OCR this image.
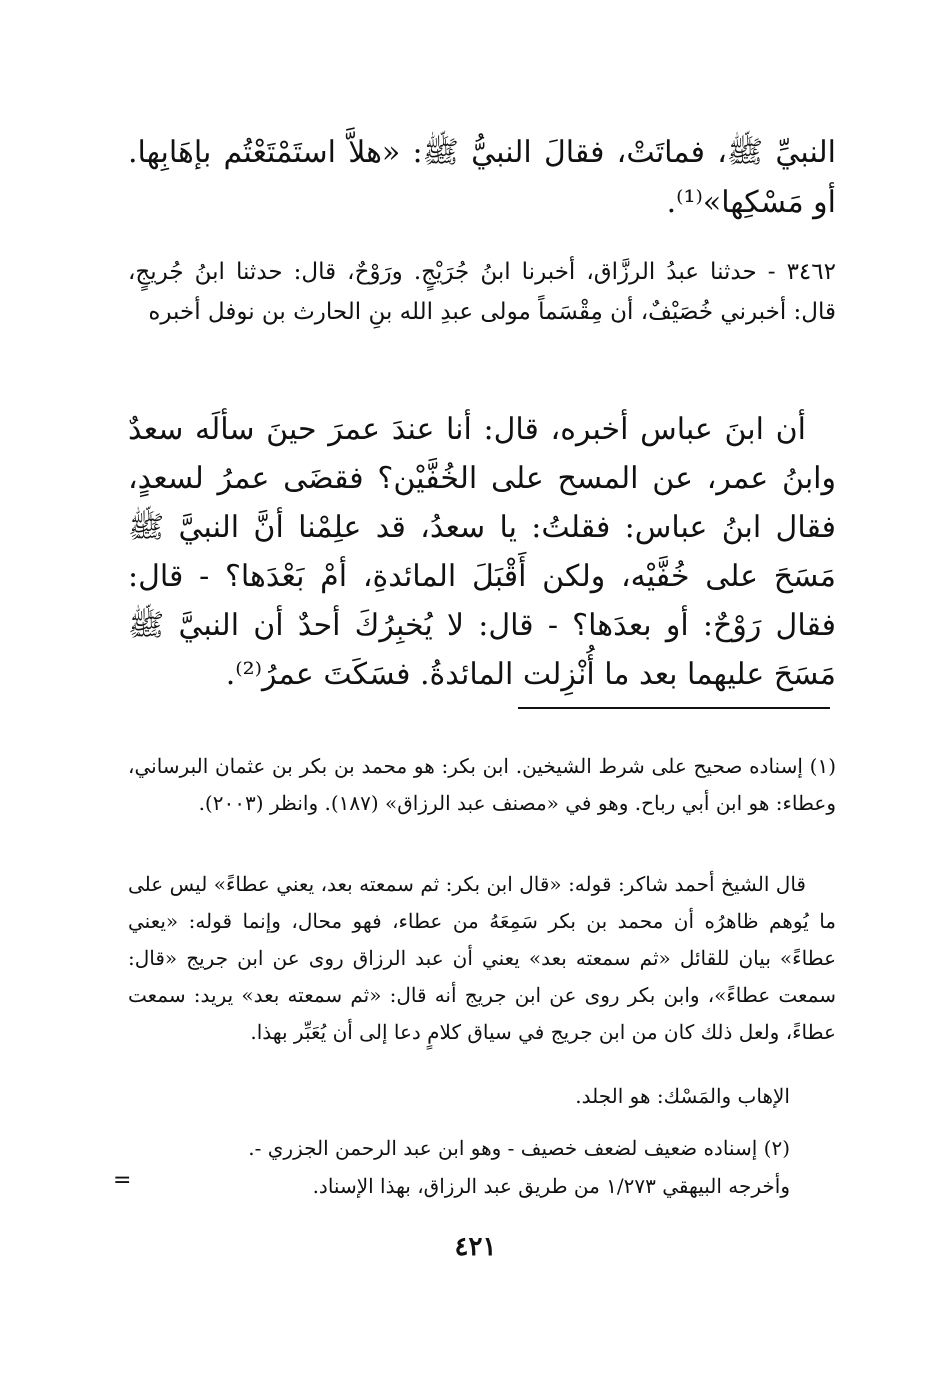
النبيِّ ﷺ، فماتَتْ، فقالَ النبيُّ ﷺ: «هلاَّ استَمْتَعْتُم بإهَابِها. أو مَسْكِها»⁽¹⁾.

٣٤٦٢ - حدثنا عبدُ الرزَّاق، أخبرنا ابنُ جُرَيْجٍ. ورَوْحٌ، قال: حدثنا ابنُ جُريجٍ، قال: أخبرني خُصَيْفٌ، أن مِقْسَماً مولى عبدِ الله بنِ الحارث بن نوفل أخبره

أن ابنَ عباس أخبره، قال: أنا عندَ عمرَ حينَ سألَه سعدٌ وابنُ عمر، عن المسح على الخُفَّيْن؟ فقضَى عمرُ لسعدٍ، فقال ابنُ عباس: فقلتُ: يا سعدُ، قد علِمْنا أنَّ النبيَّ ﷺ مَسَحَ على خُفَّيْه، ولكن أَقْبَلَ المائدةِ، أمْ بَعْدَها؟ - قال: فقال رَوْحٌ: أو بعدَها؟ - قال: لا يُخبِرُكَ أحدٌ أن النبيَّ ﷺ مَسَحَ عليهما بعد ما أُنْزِلت المائدةُ. فسَكَتَ عمرُ⁽²⁾.

(١) إسناده صحيح على شرط الشيخين. ابن بكر: هو محمد بن بكر بن عثمان البرساني، وعطاء: هو ابن أبي رباح. وهو في «مصنف عبد الرزاق» (١٨٧). وانظر (٢٠٠٣).

قال الشيخ أحمد شاكر: قوله: «قال ابن بكر: ثم سمعته بعد، يعني عطاءً» ليس على ما يُوهم ظاهرُه أن محمد بن بكر سَمِعَهُ من عطاء، فهو محال، وإنما قوله: «يعني عطاءً» بيان للقائل «ثم سمعته بعد» يعني أن عبد الرزاق روى عن ابن جريج «قال: سمعت عطاءً»، وابن بكر روى عن ابن جريج أنه قال: «ثم سمعته بعد» يريد: سمعت عطاءً، ولعل ذلك كان من ابن جريج في سياق كلامٍ دعا إلى أن يُعَبِّر بهذا.

الإهاب والمَسْك: هو الجلد.

(٢) إسناده ضعيف لضعف خصيف - وهو ابن عبد الرحمن الجزري -.

وأخرجه البيهقي ١/٢٧٣ من طريق عبد الرزاق، بهذا الإسناد.

=
٤٢١
